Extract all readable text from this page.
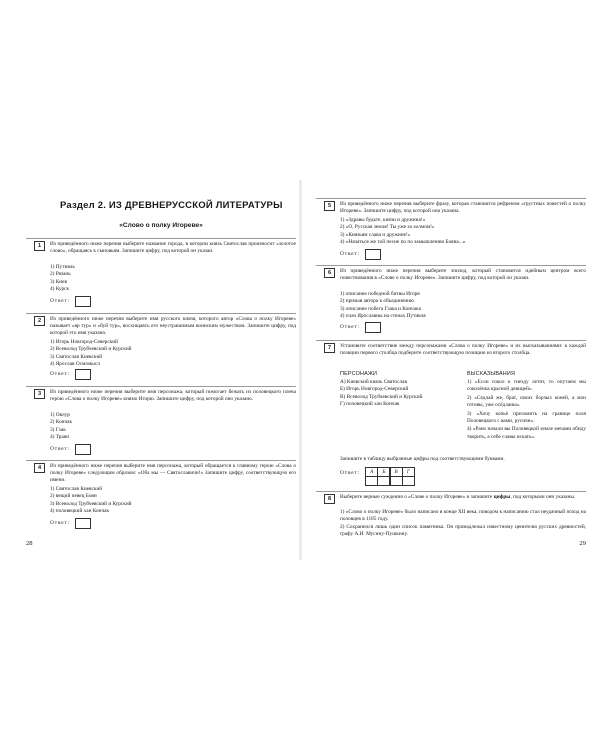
Раздел 2. ИЗ ДРЕВНЕРУССКОЙ ЛИТЕРАТУРЫ
«Слово о полку Игореве»
1	Из приведённого ниже перечня выберите название города, в котором князь Святослав произносит «золотое слово», обращаясь к сыновьям. Запишите цифру, под которой он указан.
1) Путивль
2) Рязань
3) Киев
4) Курск
Ответ:
2	Из приведённого ниже перечня выберите имя русского князя, которого автор «Слова о полку Игореве» называет «яр тур» и «буй тур», восхищаясь его неустрашимым воинским мужеством. Запишите цифру, под которой это имя указано.
1) Игорь Новгород-Северский
2) Всеволод Трубчевский и Курский
3) Святослав Киевский
4) Ярослав Осмомысл
Ответ:
3	Из приведённого ниже перечня выберите имя персонажа, который помогает бежать из половецкого плена герою «Слова о полку Игореве» князю Игорю. Запишите цифру, под которой оно указано.
1) Овлур
2) Кончак
3) Гзак
4) Траян
Ответ:
4	Из приведённого ниже перечня выберите имя персонажа, который обращается к главному герою «Слова о полку Игореве» следующим образом: «Оба мы — Святославичи!» Запишите цифру, соответствующую его имени.
1) Святослав Киевский
2) вещий певец Боян
3) Всеволод Трубчевский и Курский
4) половецкий хан Кончак
Ответ:
28
5	Из приведённого ниже перечня выберите фразу, которая становится рефреном «грустных повестей о полку Игореве». Запишите цифру, под которой она указана.
1) «Здравы будьте, князи и дружина!»
2) «О, Русская земля! Ты уже за холмом!»
3) «Князьям слава и дружине!»
4) «Начаться же той песне по по замышлению Бояна...»
Ответ:
6	Из приведённого ниже перечня выберите эпизод, который становится идейным центром всего повествования в «Слове о полку Игореве». Запишите цифру, под которой он указан.
1) описание победной битвы Игоря
2) призыв автора к объединению
3) описание побега Гзака и Кончака
4) плач Ярославны на стенах Путивля
Ответ:
7	Установите соответствие между персонажами «Слова о полку Игореве» и их высказываниями: к каждой позиции первого столбца подберите соответствующую позицию из второго столбца.
ПЕРСОНАЖИ	ВЫСКАЗЫВАНИЯ
А) Киевский князь Святослав
Б) Игорь Новгород-Северский
В) Всеволод Трубчевский и Курский
Г) половецкий хан Кончак
1) «Если сокол к гнезду летит, то опутаем мы соколёнка красной девицей».
2) «Седлай же, брат, своих борзых коней, а мои готовы, уже осёдланы».
3) «Хочу копьё преломить на границе поля Половецкого с вами, русичи».
4) «Рано начали вы Половецкой земле мечами обиду творить, а себе славы искать».
Запишите в таблицу выбранные цифры под соответствующими буквами.
Ответ:	А	Б	В	Г
8	Выберите верные суждения о «Слове о полку Игореве» и запишите цифры, под которыми они указаны.
1) «Слово о полку Игореве» было написано в конце XII века, поводом к написанию стал неудачный поход на половцев в 1185 году.
2) Сохранился лишь один список памятника. Он принадлежал известному ценителю русских древностей, графу А.И. Мусину-Пушкину.
29
